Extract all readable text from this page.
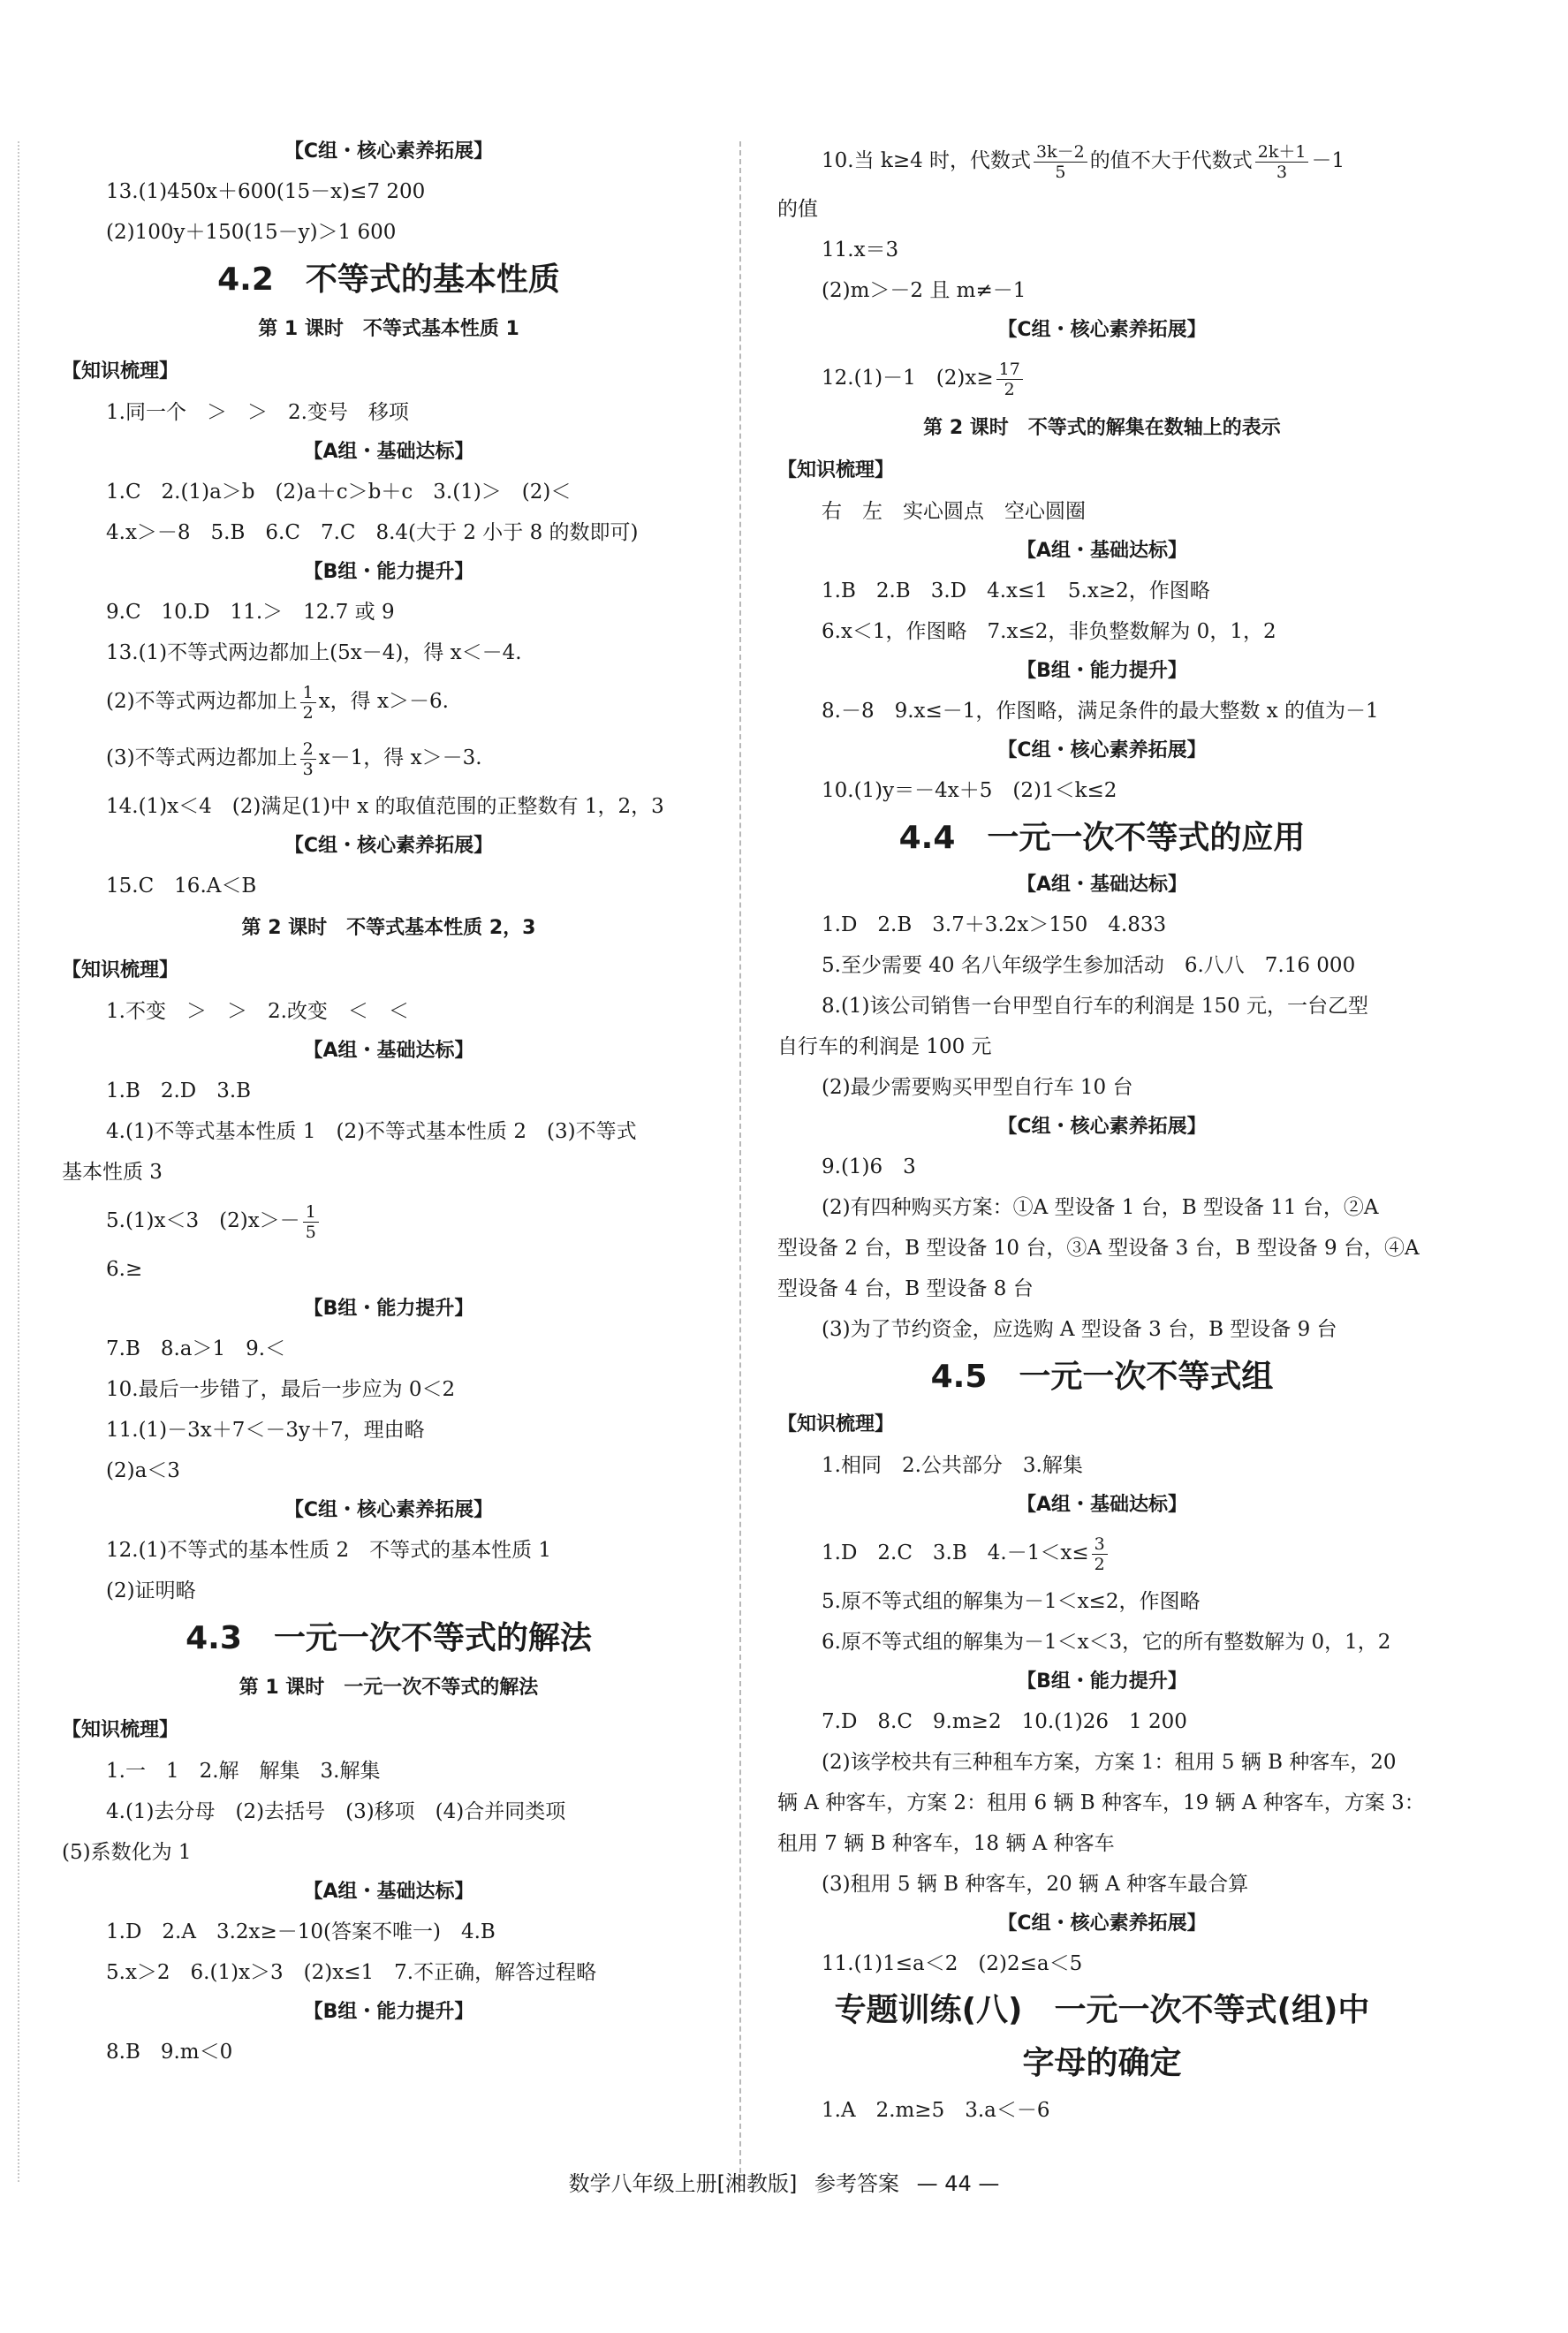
【C组・核心素养拓展】
13.(1)450x＋600(15－x)≤7 200
(2)100y＋150(15－y)＞1 600
4.2　不等式的基本性质
第 1 课时　不等式基本性质 1
【知识梳理】
1.同一个　＞　＞　2.变号　移项
【A组・基础达标】
1.C　2.(1)a＞b　(2)a＋c＞b＋c　3.(1)＞　(2)＜
4.x＞－8　5.B　6.C　7.C　8.4(大于 2 小于 8 的数即可)
【B组・能力提升】
9.C　10.D　11.＞　12.7 或 9
13.(1)不等式两边都加上(5x－4)，得 x＜－4.
(2)不等式两边都加上 $\frac{1}{2}$ x，得 x＞－6.
(3)不等式两边都加上 $\frac{2}{3} x-1$，得 x＞－3.
14.(1)x＜4　(2)满足(1)中 x 的取值范围的正整数有 1，2，3
【C组・核心素养拓展】
15.C　16.A＜B
第 2 课时　不等式基本性质 2，3
【知识梳理】
1.不变　＞　＞　2.改变　＜　＜
【A组・基础达标】
1.B　2.D　3.B
4.(1)不等式基本性质 1　(2)不等式基本性质 2　(3)不等式
基本性质 3
5.(1)x＜3　$(2)x>- \frac{1}{5}$
6.≥
【B组・能力提升】
7.B　8.a＞1　9.＜
10.最后一步错了，最后一步应为 0＜2
11.(1)－3x＋7＜－3y＋7，理由略
(2)a＜3
【C组・核心素养拓展】
12.(1)不等式的基本性质 2　不等式的基本性质 1
(2)证明略
4.3　一元一次不等式的解法
第 1 课时　一元一次不等式的解法
【知识梳理】
1.一　1　2.解　解集　3.解集
4.(1)去分母　(2)去括号　(3)移项　(4)合并同类项
(5)系数化为 1
【A组・基础达标】
1.D　2.A　3.2x≥－10(答案不唯一)　4.B
5.x＞2　6.(1)x＞3　(2)x≤1　7.不正确，解答过程略
【B组・能力提升】
8.B　9.m＜0
10.当 k≥4 时，代数式 $\frac{3k-2}{5}$ 的值不大于代数式 $\frac{2k+1}{3} -1$
的值
11.x＝3
(2)m＞－2 且 m≠－1
【C组・核心素养拓展】
12.(1)－1　$(2)x\ge \frac{17}{2}$
第 2 课时　不等式的解集在数轴上的表示
【知识梳理】
右　左　实心圆点　空心圆圈
【A组・基础达标】
1.B　2.B　3.D　4.x≤1　5.x≥2，作图略
6.x＜1，作图略　7.x≤2，非负整数解为 0，1，2
【B组・能力提升】
8.－8　9.x≤－1，作图略，满足条件的最大整数 x 的值为－1
【C组・核心素养拓展】
10.(1)y＝－4x＋5　(2)1＜k≤2
4.4　一元一次不等式的应用
【A组・基础达标】
1.D　2.B　3.7＋3.2x＞150　4.833
5.至少需要 40 名八年级学生参加活动　6.八八　7.16 000
8.(1)该公司销售一台甲型自行车的利润是 150 元，一台乙型
自行车的利润是 100 元
(2)最少需要购买甲型自行车 10 台
【C组・核心素养拓展】
9.(1)6　3
(2)有四种购买方案：①A 型设备 1 台，B 型设备 11 台，②A
型设备 2 台，B 型设备 10 台，③A 型设备 3 台，B 型设备 9 台，④A
型设备 4 台，B 型设备 8 台
(3)为了节约资金，应选购 A 型设备 3 台，B 型设备 9 台
4.5　一元一次不等式组
【知识梳理】
1.相同　2.公共部分　3.解集
【A组・基础达标】
1.D　2.C　3.B　$4.-1<x\le \frac{3}{2}$
5.原不等式组的解集为－1＜x≤2，作图略
6.原不等式组的解集为－1＜x＜3，它的所有整数解为 0，1，2
【B组・能力提升】
7.D　8.C　9.m≥2　10.(1)26　1 200
(2)该学校共有三种租车方案，方案 1：租用 5 辆 B 种客车，20
辆 A 种客车，方案 2：租用 6 辆 B 种客车，19 辆 A 种客车，方案 3：
租用 7 辆 B 种客车，18 辆 A 种客车
(3)租用 5 辆 B 种客车，20 辆 A 种客车最合算
【C组・核心素养拓展】
11.(1)1≤a＜2　(2)2≤a＜5
专题训练(八)　一元一次不等式(组)中
字母的确定
1.A　2.m≥5　3.a＜－6
数学八年级上册[湘教版] 参考答案 — 44 —
